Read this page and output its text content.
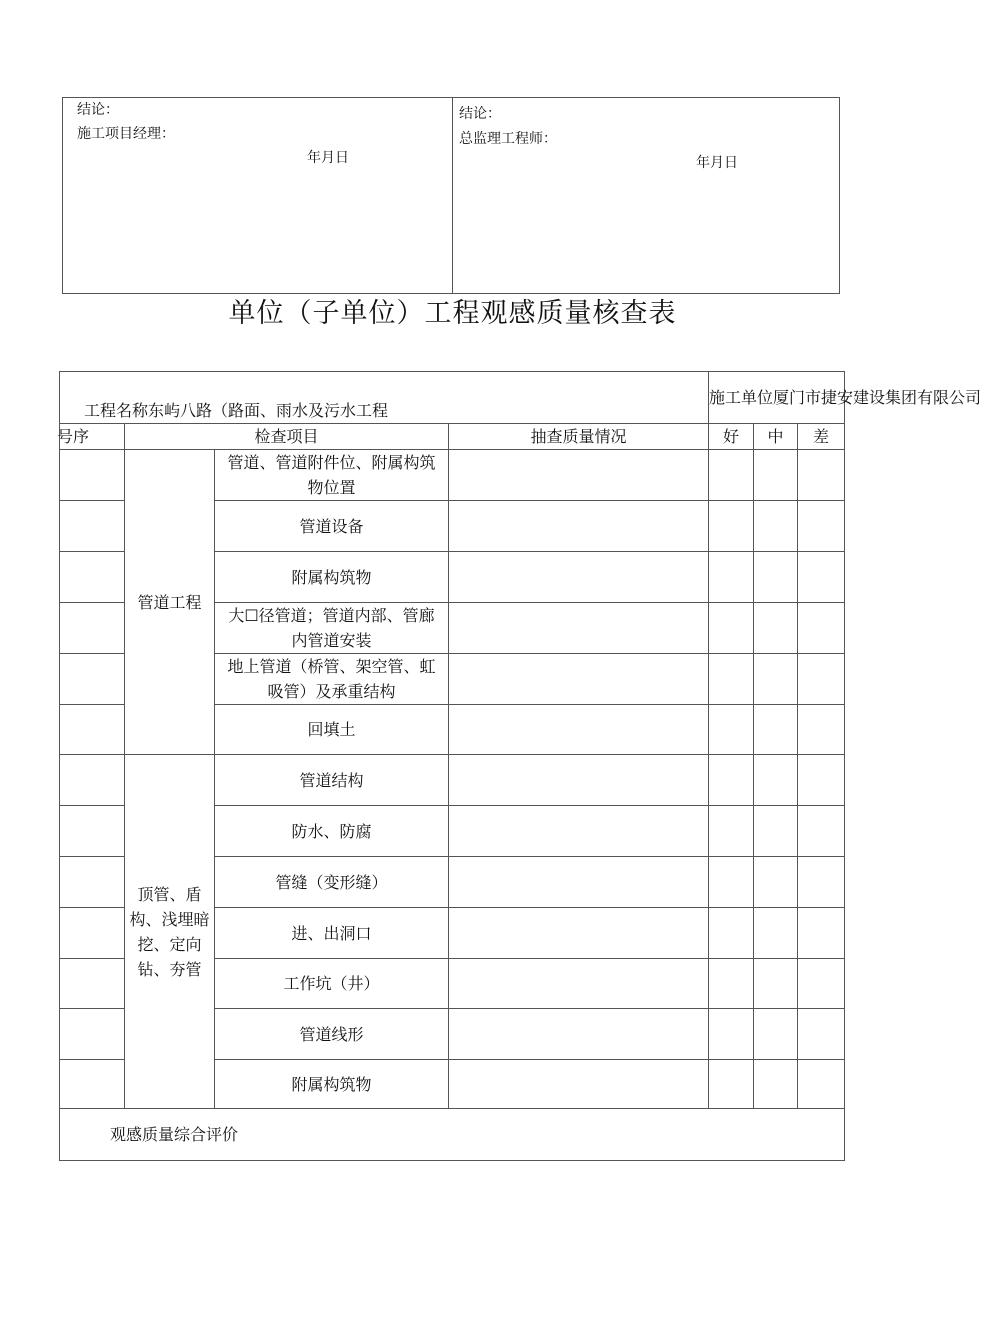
结论：
施工项目经理：
年月日
结论：
总监理工程师：
年月日
单位（子单位）工程观感质量核查表
工程名称东屿八路（路面、雨水及污水工程				施工单位厦门市捷安建设集团有限公司		
号序	检查项目		抽查质量情况	好	中	差
	管道工程	管道、管道附件位、附属构筑物位置				
		管道设备				
		附属构筑物				
		大☐径管道；管道内部、管廊内管道安装				
		地上管道（桥管、架空管、虹吸管）及承重结构				
		回填土				
	顶管、盾构、浅埋暗挖、定向钻、夯管	管道结构				
		防水、防腐				
		管缝（变形缝）				
		进、出洞口				
		工作坑（井）				
		管道线形				
		附属构筑物				
观感质量综合评价						
